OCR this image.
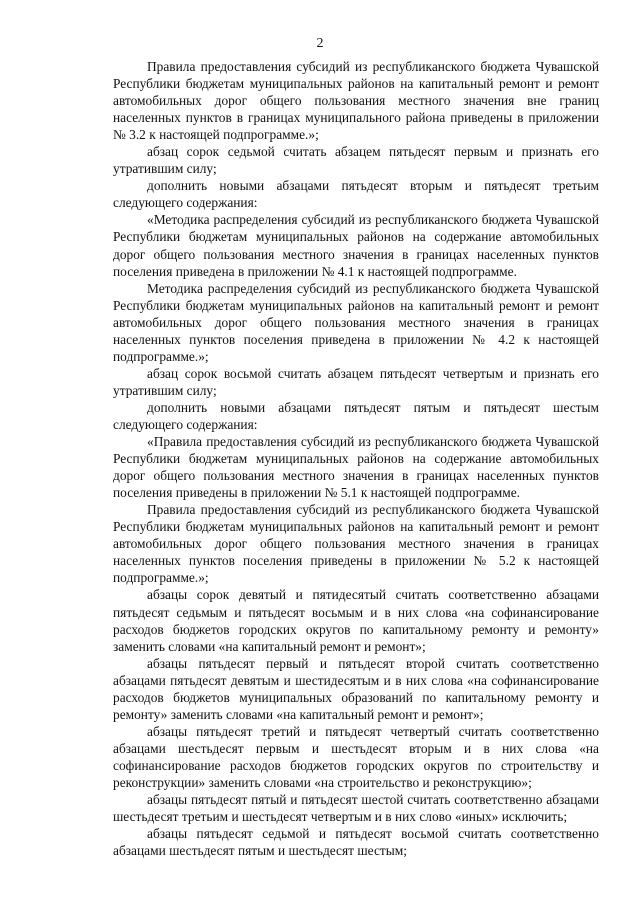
2

Правила предоставления субсидий из республиканского бюджета Чувашской Республики бюджетам муниципальных районов на капитальный ремонт и ремонт автомобильных дорог общего пользования местного значения вне границ населенных пунктов в границах муниципального района приведены в приложении № 3.2 к настоящей подпрограмме.»;

абзац сорок седьмой считать абзацем пятьдесят первым и признать его утратившим силу;

дополнить новыми абзацами пятьдесят вторым и пятьдесят третьим следующего содержания:

«Методика распределения субсидий из республиканского бюджета Чувашской Республики бюджетам муниципальных районов на содержание автомобильных дорог общего пользования местного значения в границах населенных пунктов поселения приведена в приложении № 4.1 к настоящей подпрограмме.

Методика распределения субсидий из республиканского бюджета Чувашской Республики бюджетам муниципальных районов на капитальный ремонт и ремонт автомобильных дорог общего пользования местного значения в границах населенных пунктов поселения приведена в приложении № 4.2 к настоящей подпрограмме.»;

абзац сорок восьмой считать абзацем пятьдесят четвертым и признать его утратившим силу;

дополнить новыми абзацами пятьдесят пятым и пятьдесят шестым следующего содержания:

«Правила предоставления субсидий из республиканского бюджета Чувашской Республики бюджетам муниципальных районов на содержание автомобильных дорог общего пользования местного значения в границах населенных пунктов поселения приведены в приложении № 5.1 к настоящей подпрограмме.

Правила предоставления субсидий из республиканского бюджета Чувашской Республики бюджетам муниципальных районов на капитальный ремонт и ремонт автомобильных дорог общего пользования местного значения в границах населенных пунктов поселения приведены в приложении № 5.2 к настоящей подпрограмме.»;

абзацы сорок девятый и пятидесятый считать соответственно абзацами пятьдесят седьмым и пятьдесят восьмым и в них слова «на софинансирование расходов бюджетов городских округов по капитальному ремонту и ремонту» заменить словами «на капитальный ремонт и ремонт»;

абзацы пятьдесят первый и пятьдесят второй считать соответственно абзацами пятьдесят девятым и шестидесятым и в них слова «на софинансирование расходов бюджетов муниципальных образований по капитальному ремонту и ремонту» заменить словами «на капитальный ремонт и ремонт»;

абзацы пятьдесят третий и пятьдесят четвертый считать соответственно абзацами шестьдесят первым и шестьдесят вторым и в них слова «на софинансирование расходов бюджетов городских округов по строительству и реконструкции» заменить словами «на строительство и реконструкцию»;

абзацы пятьдесят пятый и пятьдесят шестой считать соответственно абзацами шестьдесят третьим и шестьдесят четвертым и в них слово «иных» исключить;

абзацы пятьдесят седьмой и пятьдесят восьмой считать соответственно абзацами шестьдесят пятым и шестьдесят шестым;
